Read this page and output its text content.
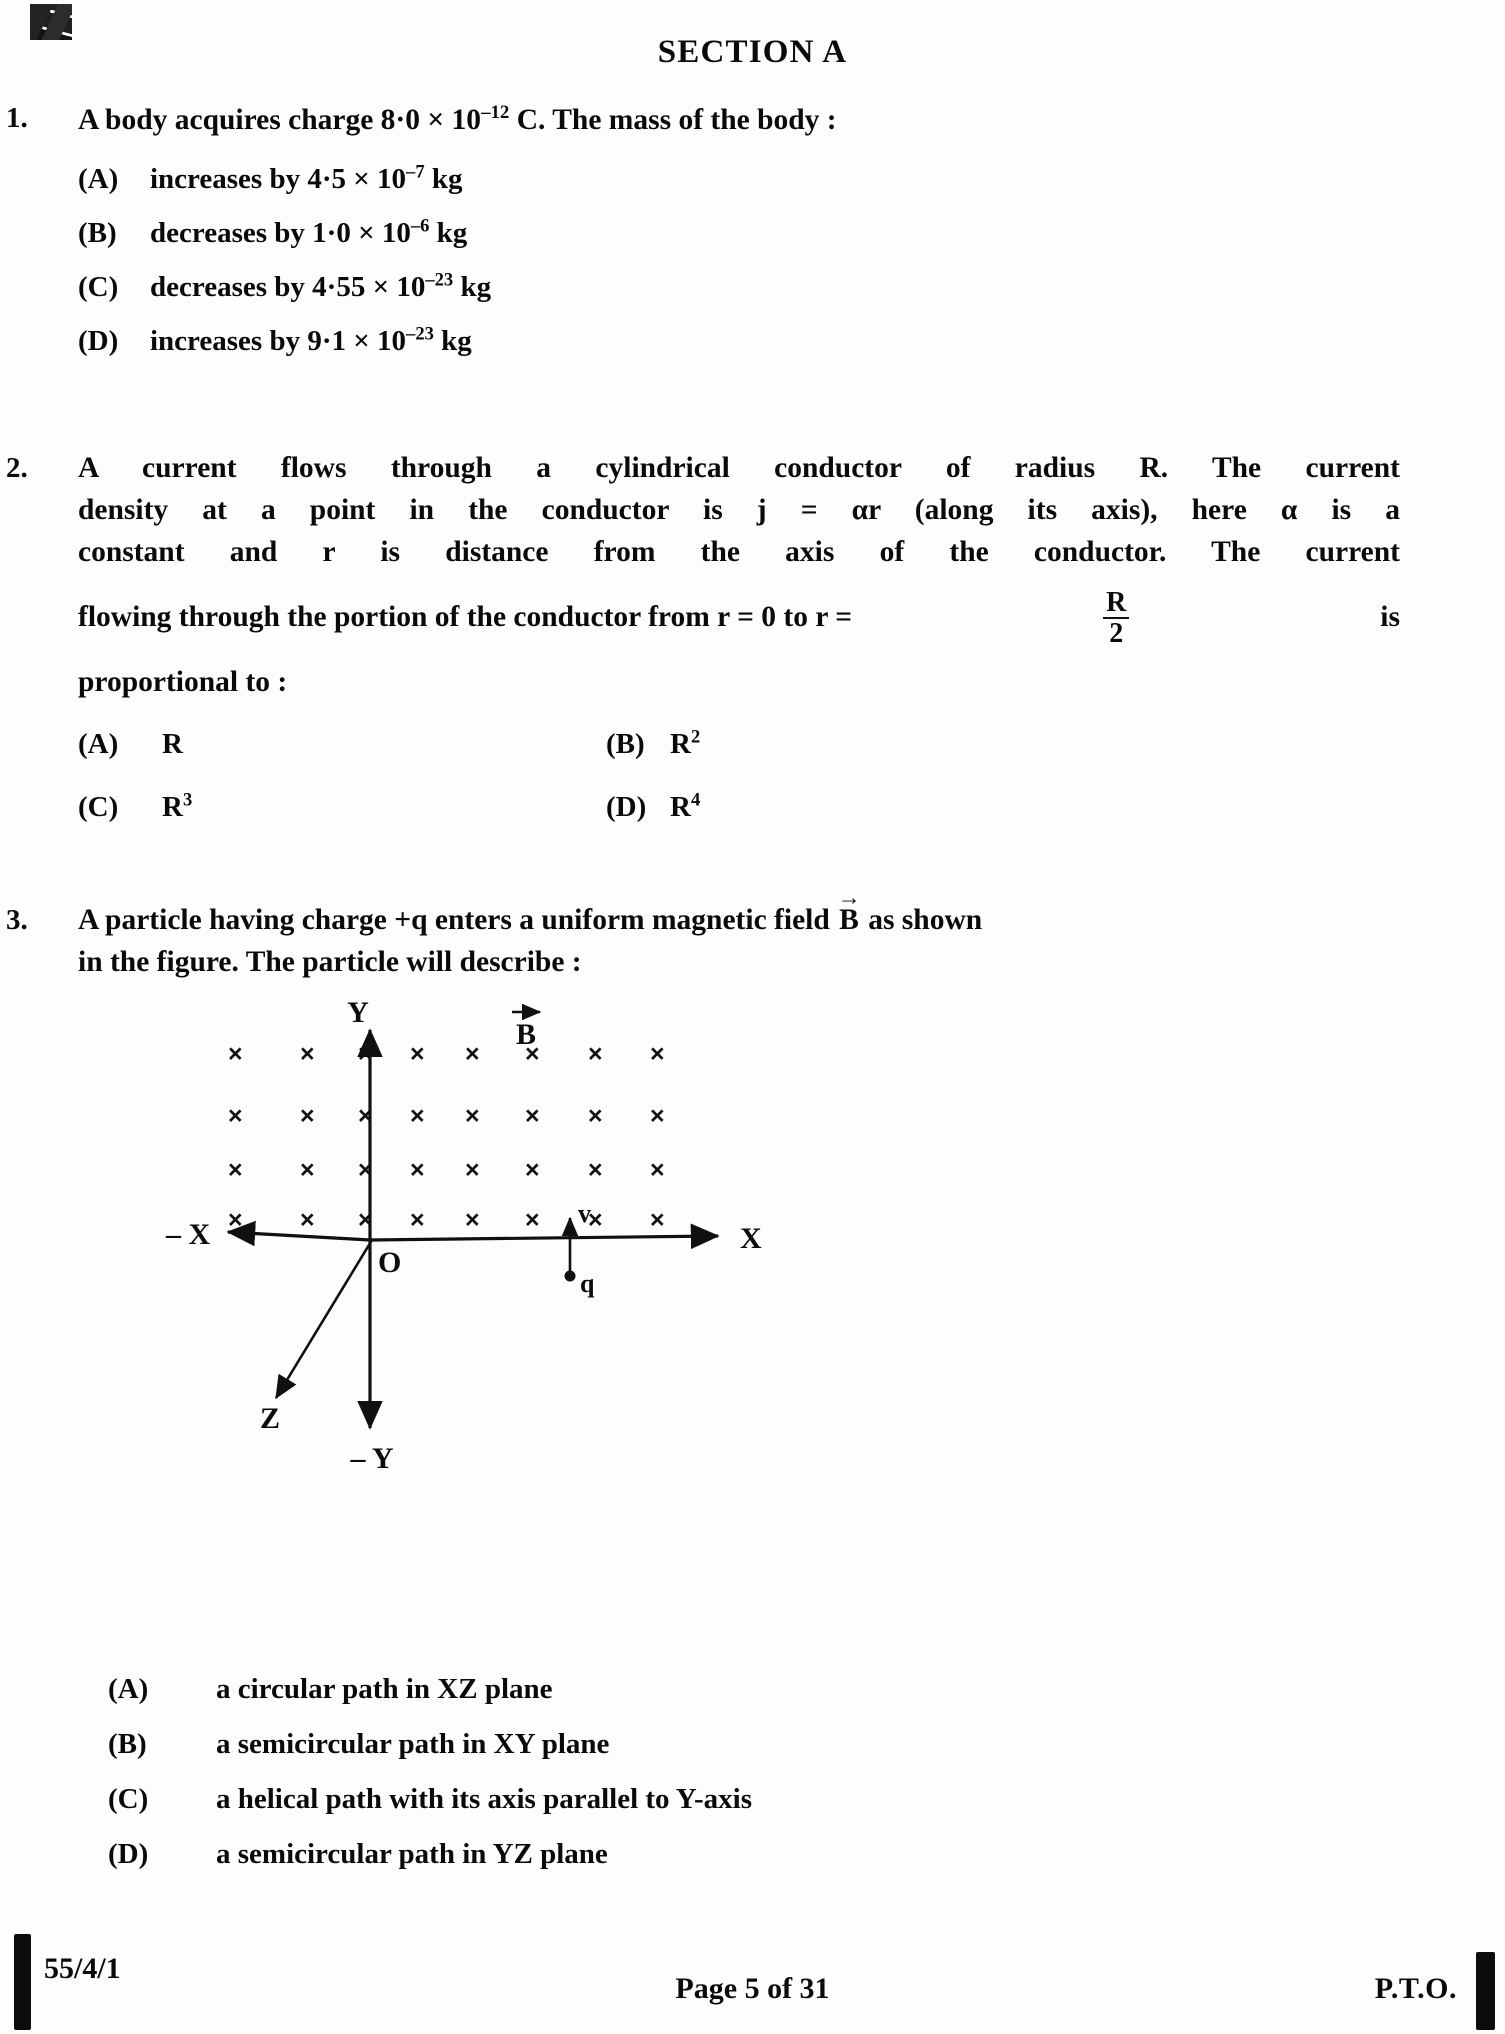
SECTION A
1. A body acquires charge $8\cdot 0 \times 10^{-12}$ C. The mass of the body :
(A)	increases by $4\cdot 5 \times 10^{-7}$ kg
(B)	decreases by $1\cdot 0 \times 10^{-6}$ kg
(C)	decreases by $4\cdot 55 \times 10^{-23}$ kg
(D)	increases by $9\cdot 1 \times 10^{-23}$ kg
2. A current flows through a cylindrical conductor of radius R. The current
density at a point in the conductor is j = αr (along its axis), here α is a
constant and r is distance from the axis of the conductor. The current
flowing through the portion of the conductor from r = 0 to r =	$\frac{R}{2}$	is
proportional to :
(A)	R	(B) $R^2$
(C)	$R^3$	(D) $R^4$
3. A particle having charge +q enters a uniform magnetic field B → as shown
in the figure. The particle will describe :
× × × × × × × ×
× × × × × × × ×
× × × × × × × ×
× × × × × × × ×
Y
– Y
X
– X
Z
O
B
v
q
(A)	a circular path in XZ plane
(B)	a semicircular path in XY plane
(C)	a helical path with its axis parallel to Y-axis
(D)	a semicircular path in YZ plane
55/4/1
Page 5 of 31	P.T.O.
